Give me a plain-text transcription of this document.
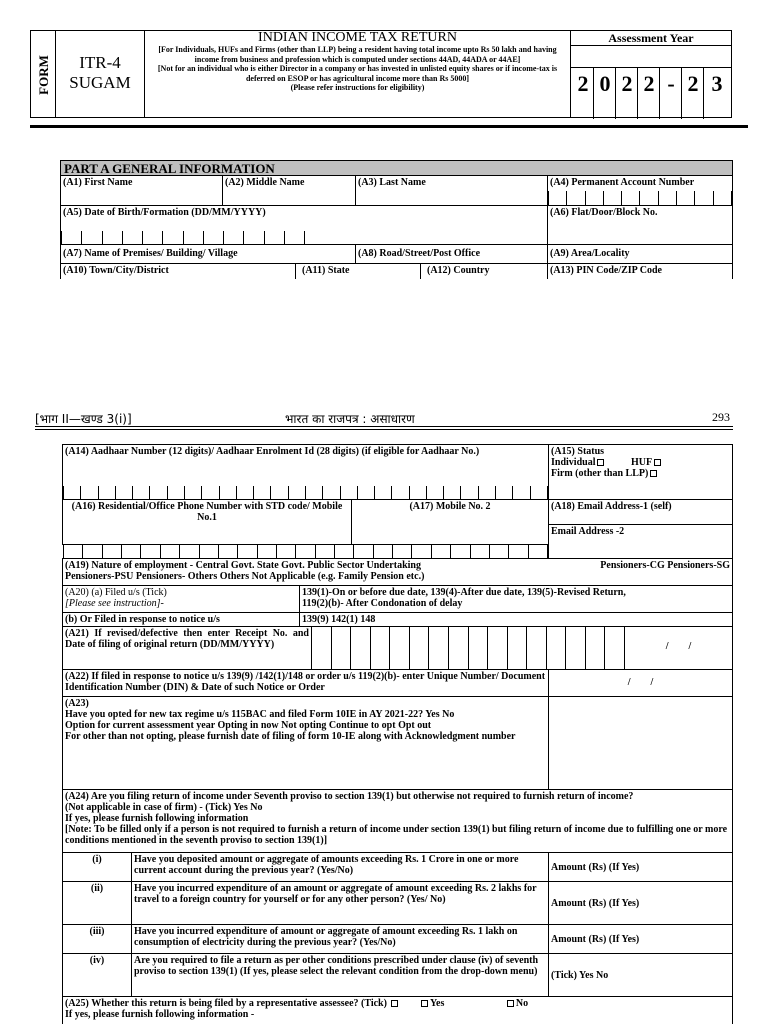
FORM	ITR-4
SUGAM
INDIAN INCOME TAX RETURN
[For Individuals, HUFs and Firms (other than LLP) being a resident having total income upto Rs 50 lakh and having income from business and profession which is computed under sections 44AD, 44ADA or 44AE]
[Not for an individual who is either Director in a company or has invested in unlisted equity shares or if income-tax is deferred on ESOP or has agricultural income more than Rs 5000]
(Please refer instructions for eligibility)
Assessment Year
2 0 2 2 - 2 3
PART A GENERAL INFORMATION
(A1) First Name	(A2) Middle Name	(A3) Last Name	(A4) Permanent Account Number
(A5) Date of Birth/Formation (DD/MM/YYYY)	(A6) Flat/Door/Block No.
(A7) Name of Premises/ Building/ Village	(A8) Road/Street/Post Office	(A9) Area/Locality
(A10) Town/City/District	(A11) State	(A12) Country	(A13) PIN Code/ZIP Code
[भाग II—खण्ड 3(i)]	भारत का राजपत्र : असाधारण	293
(A14) Aadhaar Number (12 digits)/ Aadhaar Enrolment Id (28 digits) (if eligible for Aadhaar No.)	(A15) Status
Individual	HUF
Firm (other than LLP)
(A16) Residential/Office Phone Number with STD code/ Mobile No.1
(A17) Mobile No. 2	(A18) Email Address-1 (self)
Email Address -2
(A19) Nature of employment - Central Govt. State Govt. Public Sector Undertaking	Pensioners-CG Pensioners-SG
Pensioners-PSU Pensioners- Others Others Not Applicable (e.g. Family Pension etc.)
(A20) (a) Filed u/s (Tick)
[Please see instruction]-
139(1)-On or before due date, 139(4)-After due date, 139(5)-Revised Return,
119(2)(b)- After Condonation of delay
(b) Or Filed in response to notice u/s	139(9) 142(1) 148
(A21) If revised/defective then enter Receipt No. and Date of filing of original return (DD/MM/YYYY)	/        /
(A22) If filed in response to notice u/s 139(9) /142(1)/148 or order u/s 119(2)(b)- enter Unique Number/ Document Identification Number (DIN) & Date of such Notice or Order	/        /
(A23)
Have you opted for new tax regime u/s 115BAC and filed Form 10IE in AY 2021-22? Yes No
Option for current assessment year Opting in now Not opting Continue to opt Opt out
For other than not opting, please furnish date of filing of form 10-IE along with Acknowledgment number
(A24) Are you filing return of income under Seventh proviso to section 139(1) but otherwise not required to furnish return of income?
(Not applicable in case of firm) - (Tick) Yes No
If yes, please furnish following information
[Note: To be filled only if a person is not required to furnish a return of income under section 139(1) but filing return of income due to fulfilling one or more conditions mentioned in the seventh proviso to section 139(1)]
(i)	Have you deposited amount or aggregate of amounts exceeding Rs. 1 Crore in one or more current account during the previous year? (Yes/No)	Amount (Rs) (If Yes)
(ii)	Have you incurred expenditure of an amount or aggregate of amount exceeding Rs. 2 lakhs for travel to a foreign country for yourself or for any other person? (Yes/ No)	Amount (Rs) (If Yes)
(iii)	Have you incurred expenditure of amount or aggregate of amount exceeding Rs. 1 lakh on consumption of electricity during the previous year? (Yes/No)	Amount (Rs) (If Yes)
(iv)	Are you required to file a return as per other conditions prescribed under clause (iv) of seventh proviso to section 139(1) (If yes, please select the relevant condition from the drop-down menu)	(Tick) Yes No
(A25) Whether this return is being filed by a representative assessee? (Tick)	Yes	No
If yes, please furnish following information -
